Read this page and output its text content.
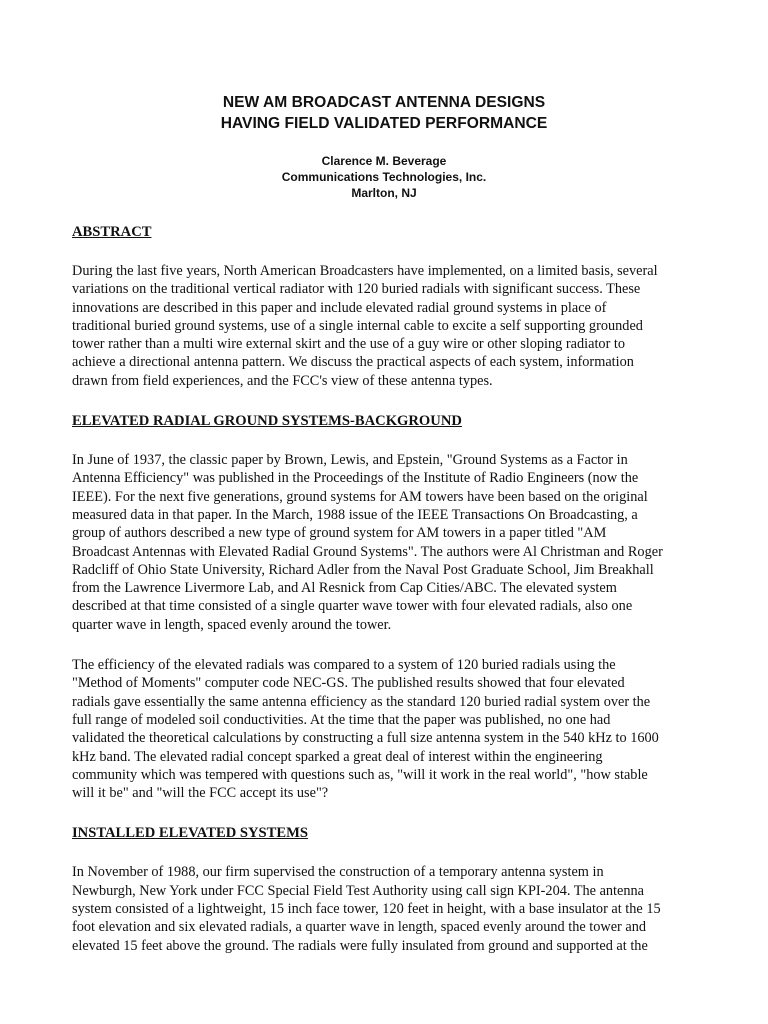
NEW AM BROADCAST ANTENNA DESIGNS

HAVING FIELD VALIDATED PERFORMANCE

Clarence M. Beverage
Communications Technologies, Inc.
Marlton, NJ

ABSTRACT

During the last five years, North American Broadcasters have implemented, on a limited basis, several
variations on the traditional vertical radiator with 120 buried radials with significant success. These
innovations are described in this paper and include elevated radial ground systems in place of
traditional buried ground systems, use of a single internal cable to excite a self supporting grounded
tower rather than a multi wire external skirt and the use of a guy wire or other sloping radiator to
achieve a directional antenna pattern. We discuss the practical aspects of each system, information
drawn from field experiences, and the FCC's view of these antenna types.

ELEVATED RADIAL GROUND SYSTEMS-BACKGROUND

In June of 1937, the classic paper by Brown, Lewis, and Epstein, "Ground Systems as a Factor in
Antenna Efficiency" was published in the Proceedings of the Institute of Radio Engineers (now the
IEEE). For the next five generations, ground systems for AM towers have been based on the original
measured data in that paper. In the March, 1988 issue of the IEEE Transactions On Broadcasting, a
group of authors described a new type of ground system for AM towers in a paper titled "AM
Broadcast Antennas with Elevated Radial Ground Systems". The authors were Al Christman and Roger
Radcliff of Ohio State University, Richard Adler from the Naval Post Graduate School, Jim Breakhall
from the Lawrence Livermore Lab, and Al Resnick from Cap Cities/ABC. The elevated system
described at that time consisted of a single quarter wave tower with four elevated radials, also one
quarter wave in length, spaced evenly around the tower.

The efficiency of the elevated radials was compared to a system of 120 buried radials using the
"Method of Moments" computer code NEC-GS. The published results showed that four elevated
radials gave essentially the same antenna efficiency as the standard 120 buried radial system over the
full range of modeled soil conductivities. At the time that the paper was published, no one had
validated the theoretical calculations by constructing a full size antenna system in the 540 kHz to 1600
kHz band. The elevated radial concept sparked a great deal of interest within the engineering
community which was tempered with questions such as, "will it work in the real world", "how stable
will it be" and "will the FCC accept its use"?

INSTALLED ELEVATED SYSTEMS

In November of 1988, our firm supervised the construction of a temporary antenna system in
Newburgh, New York under FCC Special Field Test Authority using call sign KPI-204. The antenna
system consisted of a lightweight, 15 inch face tower, 120 feet in height, with a base insulator at the 15
foot elevation and six elevated radials, a quarter wave in length, spaced evenly around the tower and
elevated 15 feet above the ground. The radials were fully insulated from ground and supported at the
